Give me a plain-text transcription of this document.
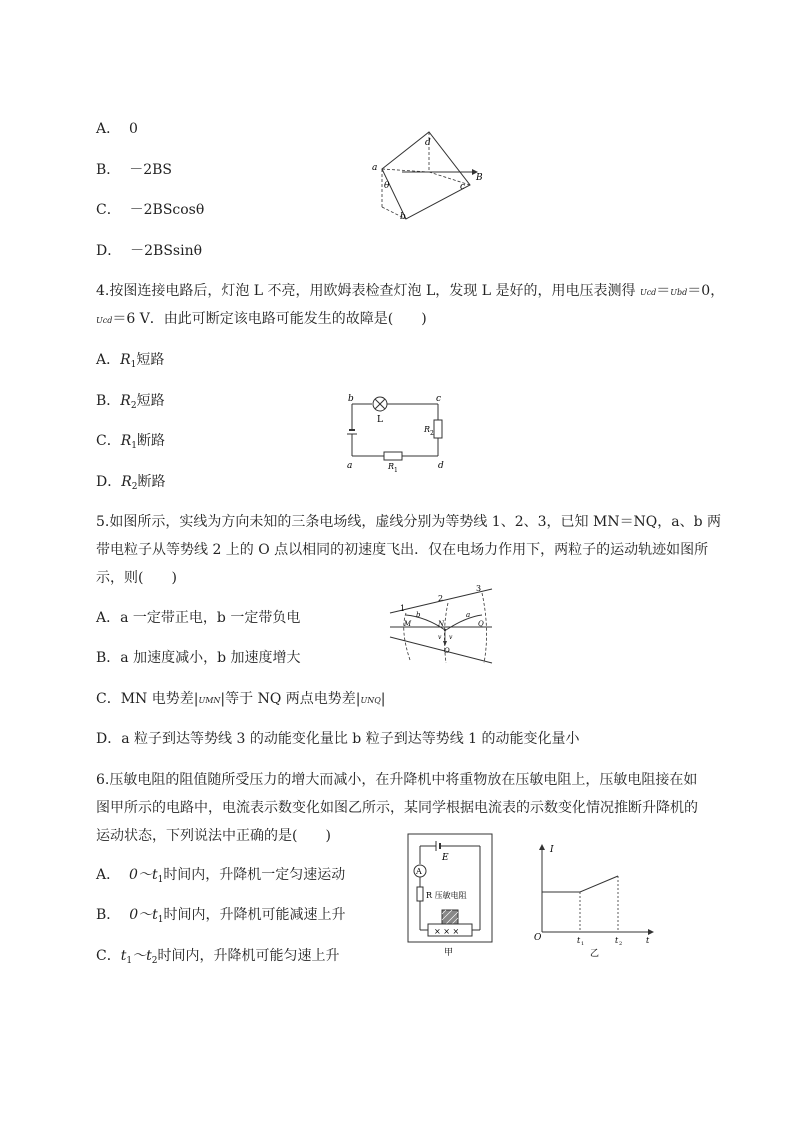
A． 0
B． －2BS
C． －2BScosθ
D． －2BSsinθ
a
d
θ
b
c
B
4.按图连接电路后，灯泡 L 不亮，用欧姆表检查灯泡 L，发现 L 是好的，用电压表测得 Ucd＝Ubd＝0，
Ucd＝6 V．由此可断定该电路可能发生的故障是(　　)
A．$R_1$短路
B．$R_2$短路
C．$R_1$断路
D．$R_2$断路
b	c
L
R 2
a	d
R 1
5.如图所示，实线为方向未知的三条电场线，虚线分别为等势线 1、2、3，已知 MN＝NQ，a、b 两
带电粒子从等势线 2 上的 O 点以相同的初速度飞出．仅在电场力作用下，两粒子的运动轨迹如图所
示，则(　　)
A．a 一定带正电，b 一定带负电
B．a 加速度减小，b 加速度增大
C．MN 电势差|UMN|等于 NQ 两点电势差|UNQ|
D．a 粒子到达等势线 3 的动能变化量比 b 粒子到达等势线 1 的动能变化量小
1
2
3
M	N	Q
O
a
b
v v
6.压敏电阻的阻值随所受压力的增大而减小，在升降机中将重物放在压敏电阻上，压敏电阻接在如
图甲所示的电路中，电流表示数变化如图乙所示，某同学根据电流表的示数变化情况推断升降机的
运动状态，下列说法中正确的是(　　)
A． $0\sim t_1$时间内，升降机一定匀速运动
B． $0\sim t_1$时间内，升降机可能减速上升
C．$t_1\sim t_2$时间内，升降机可能匀速上升
E
A
R 压敏电阻
× × ×
甲
I
O	t 1	t 2	t
乙
